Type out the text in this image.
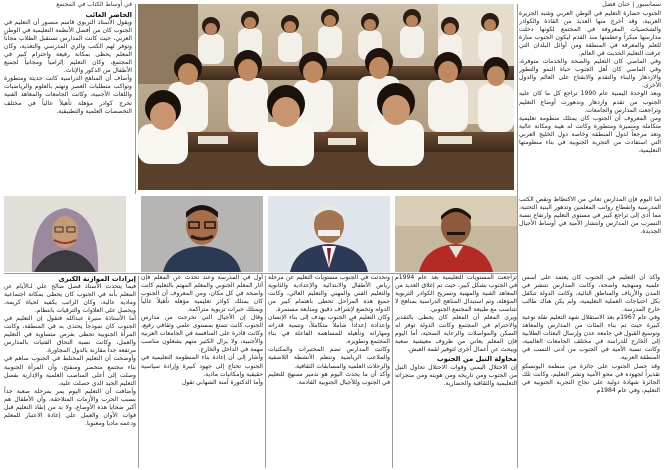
سماسبور | حنان فضل
في أوساط الكتاب في المجتمع

الجنوب حضارة التعليم في الوطن العربي وشبه الجزيرة العربية، وقد أخرج منها العديد من القادة والكوادر والشخصيات المعروفة في المجتمع لكونها دخلت مدارسها مبكراً وعظمتها منذ القدم ليكون الجنوب منارة للعلم والمعرفة في المنطقة ومن أوائل البلدان التي عرفت التعليم الحديث في العالم.

وفي الماضي كان التعليم والصحة والخدمات متوفرة، وفي الماضي كان أهل الجنوب حياة النمو والتطور والازدهار والبناء والتقدم والانفتاح على العالم والدول الأخرى.

وبعد الوحدة اليمنية عام 1990 تراجع كل ما كان عليه الجنوب من تقدم وازدهار وتدهورت أوضاع التعليم وتراجعت المدارس والجامعات.

ومن المعروف أن الجنوب كان يمتلك منظومة تعليمية متكاملة ومتميزة ومتطورة وكانت له هيبة ومكانة عالية وتعد مرجعاً لدول المنطقة وخاصة دول الخليج العربي التي استفادت من التجربة الجنوبية في بناء منظومتها التعليمية.

الحاضر الغائب

ويقول الأستاذ التربوي قاسم منصور أن التعليم في الجنوب كان من أفضل الأنظمة التعليمية في الوطن العربي، حيث كانت المدارس تستقبل الطلاب مجاناً وتوفر لهم الكتب والزي المدرسي والتغذية، وكان المعلم يحظى بمكانة رفيعة واحترام كبير في المجتمع، وكان التعليم إلزامياً ومجانياً لجميع الأطفال من الذكور والإناث.

وأضاف أن المناهج الدراسية كانت حديثة ومتطورة وتواكب متطلبات العصر وتهتم بالعلوم والرياضيات واللغات الأجنبية، وكانت الجامعات والمعاهد الفنية تخرج كوادر مؤهلة تأهيلاً عالياً في مختلف التخصصات العلمية والتطبيقية.

أما اليوم فإن المدارس تعاني من الاكتظاظ ونقص الكتب المدرسية وانقطاع رواتب المعلمين وتدهور البنية التحتية، مما أدى إلى تراجع كبير في مستوى التعليم وارتفاع نسبة التسرب من المدارس وانتشار الأمية في أوساط الأجيال الجديدة.

وأكد أن التعليم في الجنوب كان يعتمد على أسس علمية ومنهجية واضحة، وكانت المدارس تنتشر في المدن والأرياف والمناطق النائية، وكانت الدولة تتكفل بكل احتياجات العملية التعليمية، ولم يكن هناك طالب خارج المدرسة.

وفي عام 1967م بعد الاستقلال شهد التعليم نقلة نوعية كبيرة حيث تم بناء المئات من المدارس والمعاهد وتوسيع القبول في جامعة عدن وإرسال البعثات الطلابية إلى الخارج للدراسة في مختلف الجامعات العالمية، وكانت نسبة الأمية في الجنوب من أدنى النسب في المنطقة العربية.

وقد حصل الجنوب على جائزة من منظمة اليونسكو تقديراً لجهوده في محو الأمية ونشر التعليم، وكانت تلك الجائزة شهادة دولية على نجاح التجربة الجنوبية في التعليم، وفي عام 1984م

تراجعت المستويات التعليمية بعد عام 1994م في الجنوب بشكل كبير، حيث تم إغلاق العديد من المعاهد الفنية والمهنية وتسريح الكوادر التربوية المؤهلة، وتم استبدال المناهج الدراسية بمناهج لا تتناسب مع طبيعة المجتمع الجنوبي.

ويرى المعلم أن المعلم كان يحظى بالتقدير والاحترام في المجتمع وكانت الدولة توفر له السكن والمواصلات والرعاية الصحية، أما اليوم فإن المعلم يعاني من ظروف معيشية صعبة ويبحث عن أعمال أخرى لتوفير لقمة العيش.

محاولة النيل من الجنوب

إن الاحتلال اليمني وقوات الاحتلال تحاول النيل من الجنوب ومن تاريخه ومن هويته ومن منجزاته التعليمية والثقافية والحضارية.

وتحدثت في الجنوب مستويات التعليم عن مرحلة رياض الأطفال والابتدائية والإعدادية والثانوية والتعليم الفني والمهني والتعليم العالي، وكانت جميع هذه المراحل تحظى باهتمام كبير من الدولة وتخضع لإشراف دقيق ومتابعة مستمرة.

وكان التعليم في الجنوب يهدف إلى بناء الإنسان وإعداده إعداداً شاملاً متكاملاً، وتنمية قدراته ومهاراته وتأهيله للمساهمة الفاعلة في بناء المجتمع وتطويره.

وكانت المدارس تضم المختبرات والمكتبات والملاعب الرياضية وتنظم الأنشطة اللاصفية والرحلات العلمية والمسابقات الثقافية.

وأكد أن ما يحدث اليوم هو تدمير ممنهج للتعليم في الجنوب وللأجيال الجنوبية القادمة.

أول في المدرسة وعند تحدث عن المعلم فإن أثار المعلم الجنوبي والمعلم المهتم بالتعليم كانت واضحة في كل مكان، ومن المعروف أن الجنوب كان يمتلك كوادر تعليمية مؤهلة تأهيلاً عالياً ويمتلك خبرات تربوية متراكمة.

وقال إن الأجيال التي تخرجت من مدارس الجنوب كانت تتمتع بمستوى علمي وثقافي رفيع، وكانت قادرة على المنافسة في الجامعات العربية والأجنبية، ولا يزال الكثير منهم يشغلون مناصب مهمة في الداخل والخارج.

وأشار إلى أن إعادة بناء المنظومة التعليمية في الجنوب تحتاج إلى جهود كبيرة وإرادة سياسية حقيقية وإمكانيات مادية.

وأما الدكتورة آمنة الشهابي تقول

إيرادات الموازنة الكبرى

فيما يتحدث الأستاذ فضل صالح علي لـالأيام عن المعلم بأنه في الجنوب كان يحظى بمكانة اجتماعية ومادية عالية، وكان الراتب يكفيه لحياة كريمة، ويحصل على العلاوات والترقيات بانتظام.

أما الأستاذة منيرة عبدالله فتقول إن التعليم في الجنوب كان نموذجاً يحتذى به في المنطقة، وكانت المرأة الجنوبية تحظى بفرص متساوية في التعليم والعمل، وكانت نسبة التحاق الفتيات بالمدارس مرتفعة جداً مقارنة بالدول المجاورة.

وأوضحت أن التعليم المختلط في الجنوب ساهم في بناء مجتمع متحضر ومنفتح، وأن المرأة الجنوبية وصلت إلى أعلى المناصب العلمية والإدارية بفضل التعليم الجيد الذي حصلت عليه.

وأضافت أن التعليم اليوم يمر بمرحلة صعبة جداً بسبب الحرب والأزمات المتلاحقة، وأن الأطفال هم أكبر ضحايا هذه الأوضاع، ولا بد من إنقاذ التعليم قبل فوات الأوان والعمل على إعادة الاعتبار للمعلم ودعمه ماديا ومعنويا.
